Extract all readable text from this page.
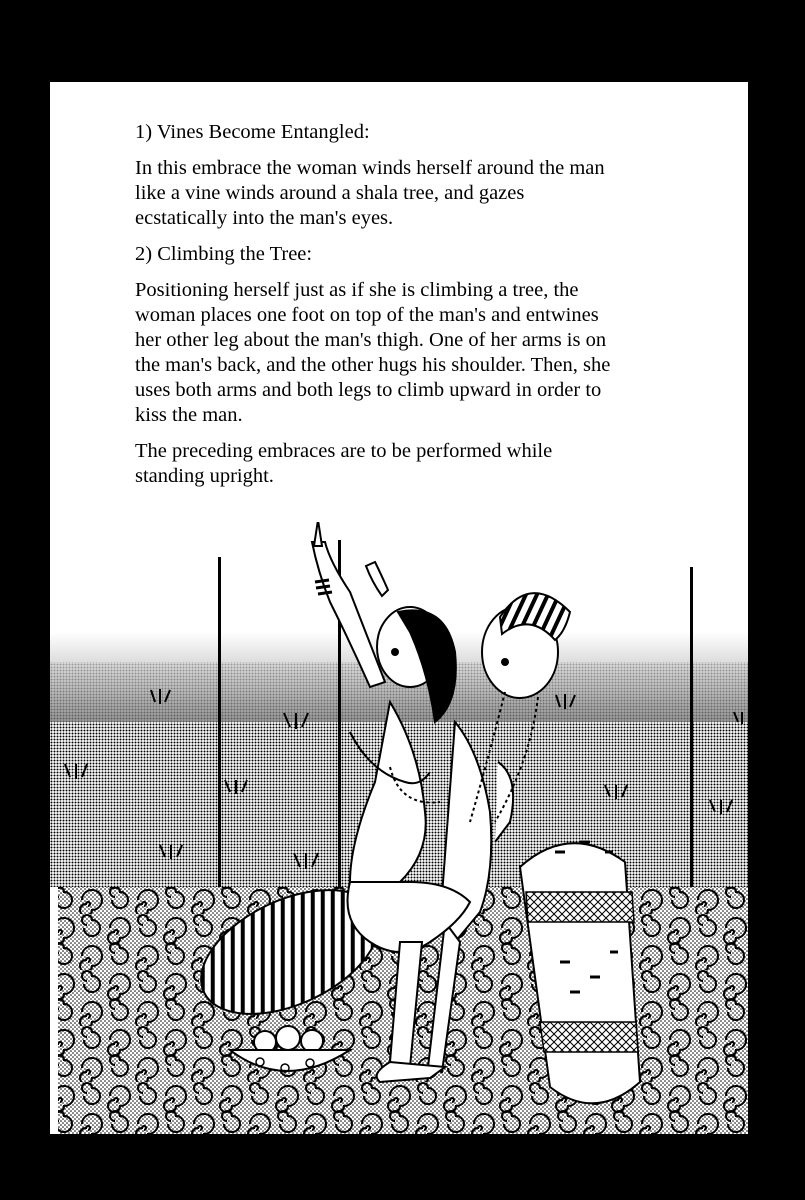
1) Vines Become Entangled:

In this embrace the woman winds herself around the man like a vine winds around a shala tree, and gazes ecstatically into the man's eyes.

2) Climbing the Tree:

Positioning herself just as if she is climbing a tree, the woman places one foot on top of the man's and entwines her other leg about the man's thigh. One of her arms is on the man's back, and the other hugs his shoulder. Then, she uses both arms and both legs to climb upward in order to kiss the man.

The preceding embraces are to be performed while standing upright.
